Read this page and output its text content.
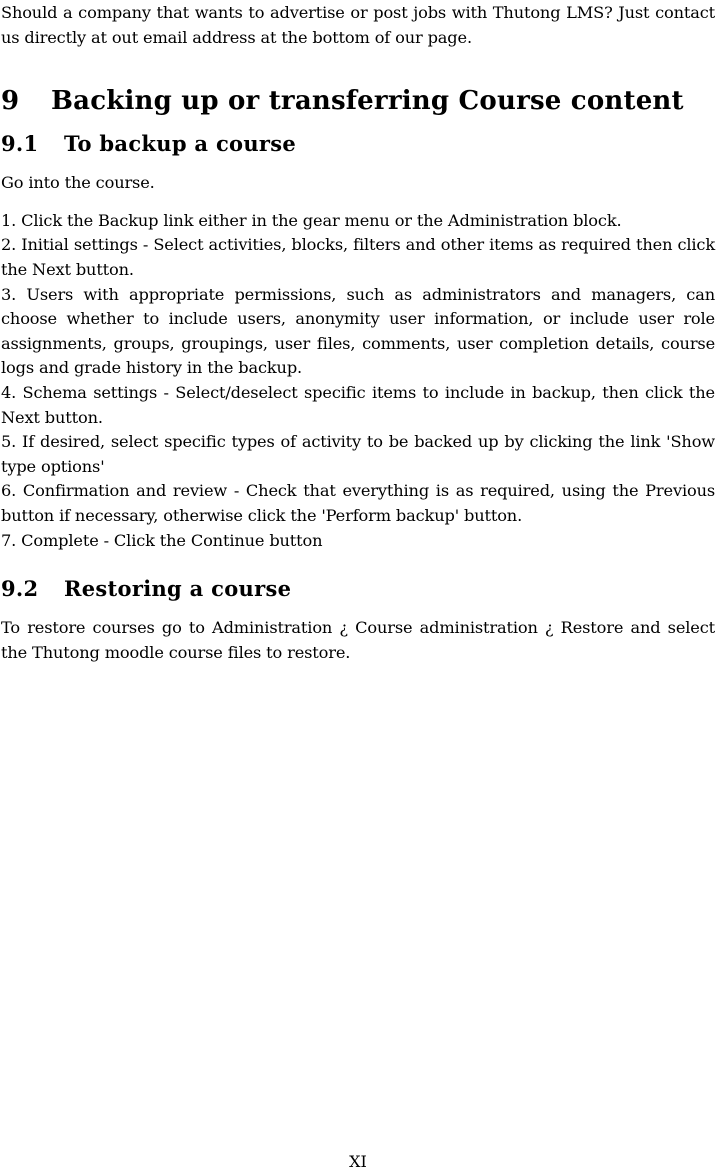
Should a company that wants to advertise or post jobs with Thutong LMS? Just contact us directly at out email address at the bottom of our page.

9 Backing up or transferring Course content
9.1 To backup a course

Go into the course.

1. Click the Backup link either in the gear menu or the Administration block.

2. Initial settings - Select activities, blocks, filters and other items as required then click the Next button.

3. Users with appropriate permissions, such as administrators and managers, can choose whether to include users, anonymity user information, or include user role assignments, groups, groupings, user files, comments, user completion details, course logs and grade history in the backup.

4. Schema settings - Select/deselect specific items to include in backup, then click the Next button.

5. If desired, select specific types of activity to be backed up by clicking the link 'Show type options'

6. Confirmation and review - Check that everything is as required, using the Previous button if necessary, otherwise click the 'Perform backup' button.

7. Complete - Click the Continue button

9.2 Restoring a course

To restore courses go to Administration ¿ Course administration ¿ Restore and select the Thutong moodle course files to restore.

XI
